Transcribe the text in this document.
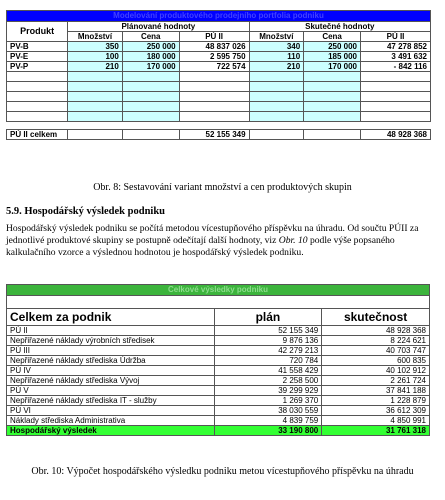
Modelování produktového prodejního portfolia podniku						
Produkt	Plánované hodnoty			Skutečné hodnoty		
	Množství	Cena	PÚ II	Množství	Cena	PÚ II
PV-B	350	250 000	48 837 026	340	250 000	47 278 852
PV-E	100	180 000	2 595 750	110	185 000	3 491 632
PV-P	210	170 000	722 574	210	170 000	- 842 116

PÚ II celkem			52 155 349			48 928 368
Obr. 8: Sestavování variant množství a cen produktových skupin
5.9. Hospodářský výsledek podniku
Hospodářský výsledek podniku se počítá metodou vícestupňového příspěvku na úhradu. Od součtu PÚII za jednotlivé produktové skupiny se postupně odečítají další hodnoty, viz Obr. 10 podle výše popsaného kalkulačního vzorce a výslednou hodnotou je hospodářský výsledek podniku.
Celkové výsledky podniku		

Celkem za podnik	plán	skutečnost
PÚ II	52 155 349	48 928 368
Nepřiřazené náklady výrobních středisek	9 876 136	8 224 621
PÚ III	42 279 213	40 703 747
Nepřiřazené náklady střediska Údržba	720 784	600 835
PÚ IV	41 558 429	40 102 912
Nepřiřazené náklady střediska Vývoj	2 258 500	2 261 724
PÚ V	39 299 929	37 841 188
Nepřiřazené náklady střediska IT - služby	1 269 370	1 228 879
PÚ VI	38 030 559	36 612 309
Náklady střediska Administrativa	4 839 759	4 850 991
Hospodářský výsledek	33 190 800	31 761 318
Obr. 10: Výpočet hospodářského výsledku podniku metou vícestupňového příspěvku na úhradu
